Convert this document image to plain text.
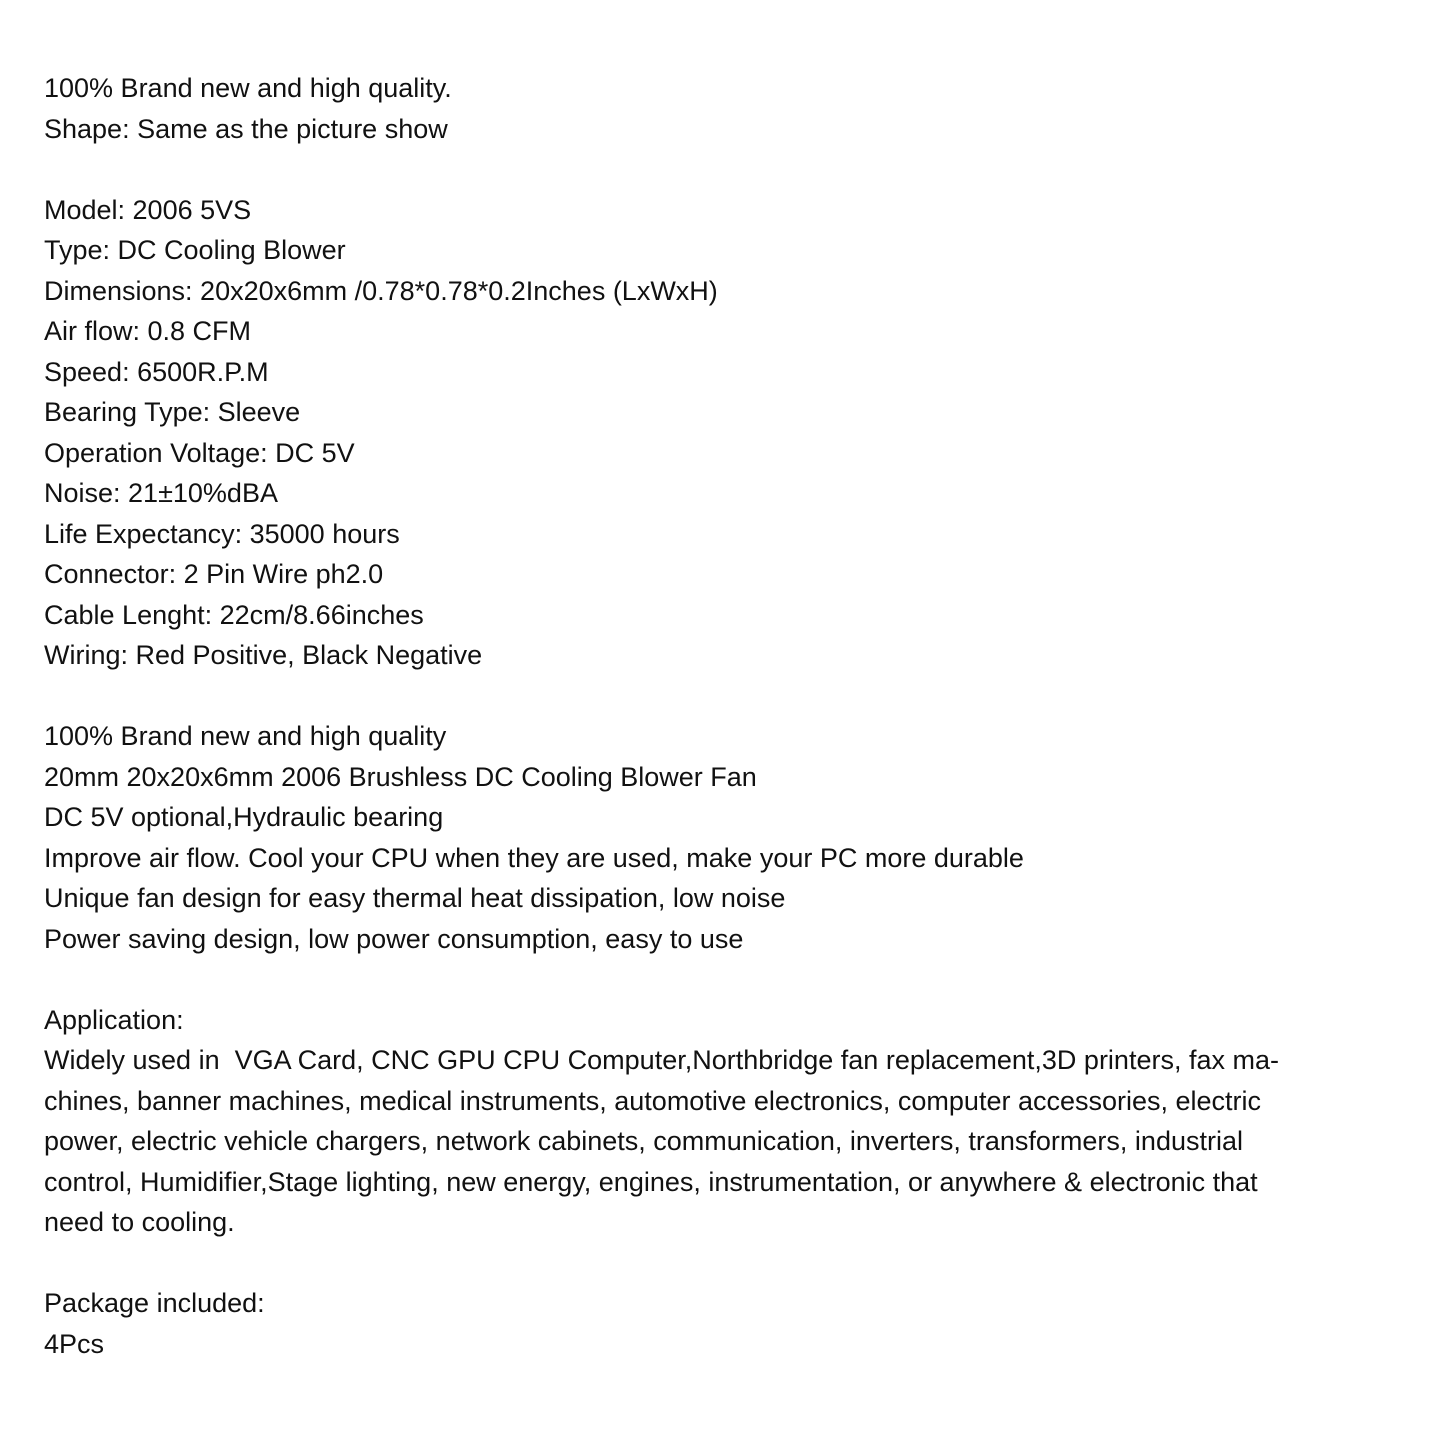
100% Brand new and high quality.
Shape: Same as the picture show
Model: 2006 5VS
Type: DC Cooling Blower
Dimensions: 20x20x6mm /0.78*0.78*0.2Inches (LxWxH)
Air flow: 0.8 CFM
Speed: 6500R.P.M
Bearing Type: Sleeve
Operation Voltage: DC 5V
Noise: 21±10%dBA
Life Expectancy: 35000 hours
Connector: 2 Pin Wire ph2.0
Cable Lenght: 22cm/8.66inches
Wiring: Red Positive, Black Negative
100% Brand new and high quality
20mm 20x20x6mm 2006 Brushless DC Cooling Blower Fan
DC 5V optional,Hydraulic bearing
Improve air flow. Cool your CPU when they are used, make your PC more durable
Unique fan design for easy thermal heat dissipation, low noise
Power saving design, low power consumption, easy to use
Application:
Widely used in  VGA Card, CNC GPU CPU Computer,Northbridge fan replacement,3D printers, fax ma-
chines, banner machines, medical instruments, automotive electronics, computer accessories, electric
power, electric vehicle chargers, network cabinets, communication, inverters, transformers, industrial
control, Humidifier,Stage lighting, new energy, engines, instrumentation, or anywhere & electronic that
need to cooling.
Package included:
4Pcs
